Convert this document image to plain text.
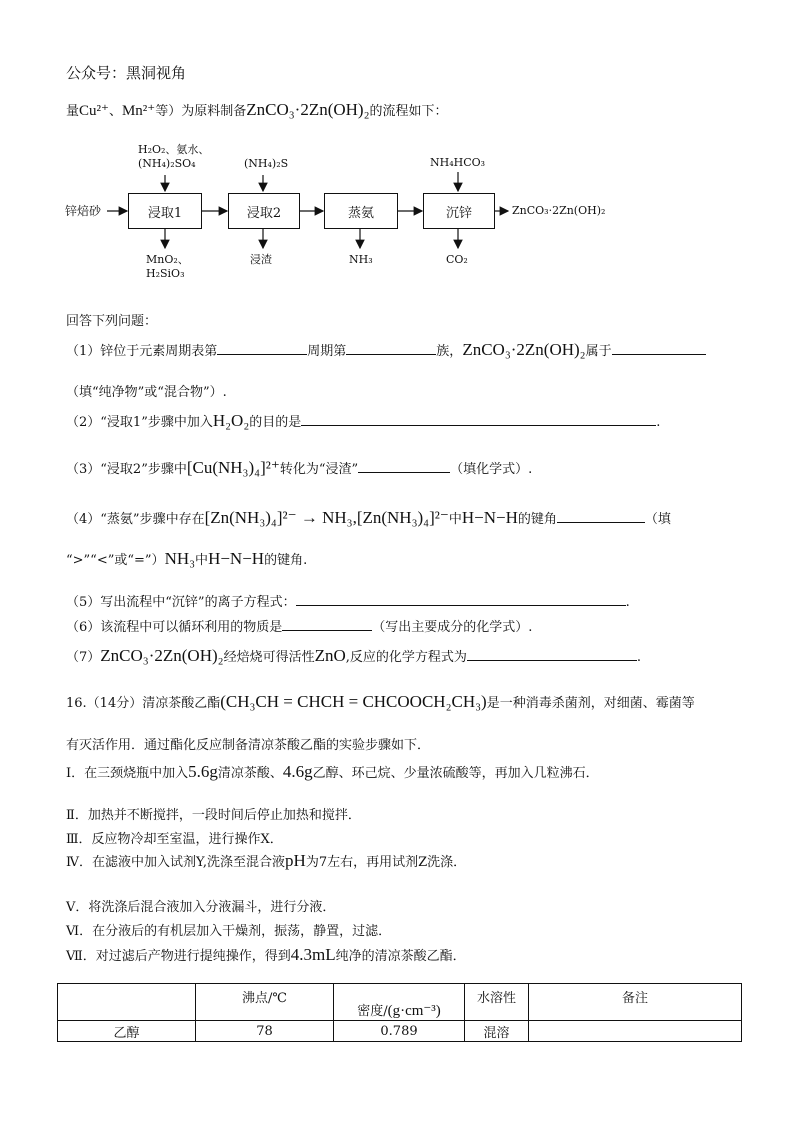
公众号：黑洞视角
量Cu²⁺、Mn²⁺等）为原料制备ZnCO₃·2Zn(OH)₂的流程如下：
锌焙砂	浸取1	浸取2	蒸氨	沉锌	ZnCO₃·2Zn(OH)₂
H₂O₂、氨水、
(NH₄)₂SO₄	(NH₄)₂S	NH₄HCO₃
MnO₂、
H₂SiO₃
浸渣	NH₃	CO₂
回答下列问题：
（1）锌位于元素周期表第	周期第	族，ZnCO₃·2Zn(OH)₂属于
（填“纯净物”或“混合物”）.
（2）“浸取1”步骤中加入H₂O₂的目的是	.
（3）“浸取2”步骤中[Cu(NH₃)₄]²⁺转化为“浸渣”	（填化学式）.
（4）“蒸氨”步骤中存在[Zn(NH₃)₄]²⁻ → NH₃,[Zn(NH₃)₄]²⁻中H−N−H的键角	（填
“>”“<”或“=”）NH₃中H−N−H的键角.
（5）写出流程中“沉锌”的离子方程式：	.
（6）该流程中可以循环利用的物质是	（写出主要成分的化学式）.
（7）ZnCO₃·2Zn(OH)₂经焙烧可得活性ZnO,反应的化学方程式为	.
16.（14分）清凉茶酸乙酯(CH₃CH = CHCH = CHCOOCH₂CH₃)是一种消毒杀菌剂，对细菌、霉菌等
有灭活作用．通过酯化反应制备清凉茶酸乙酯的实验步骤如下．
Ⅰ．在三颈烧瓶中加入5.6g清凉茶酸、4.6g乙醇、环己烷、少量浓硫酸等，再加入几粒沸石．
Ⅱ．加热并不断搅拌，一段时间后停止加热和搅拌．
Ⅲ．反应物冷却至室温，进行操作X．
Ⅳ．在滤液中加入试剂Y,洗涤至混合液pH为7左右，再用试剂Z洗涤．
Ⅴ．将洗涤后混合液加入分液漏斗，进行分液．
Ⅵ．在分液后的有机层加入干燥剂，振荡，静置，过滤．
Ⅶ．对过滤后产物进行提纯操作，得到4.3mL纯净的清凉茶酸乙酯．
	沸点/℃	密度/(g·cm⁻³)	水溶性	备注
乙醇	78	0.789	混溶	
